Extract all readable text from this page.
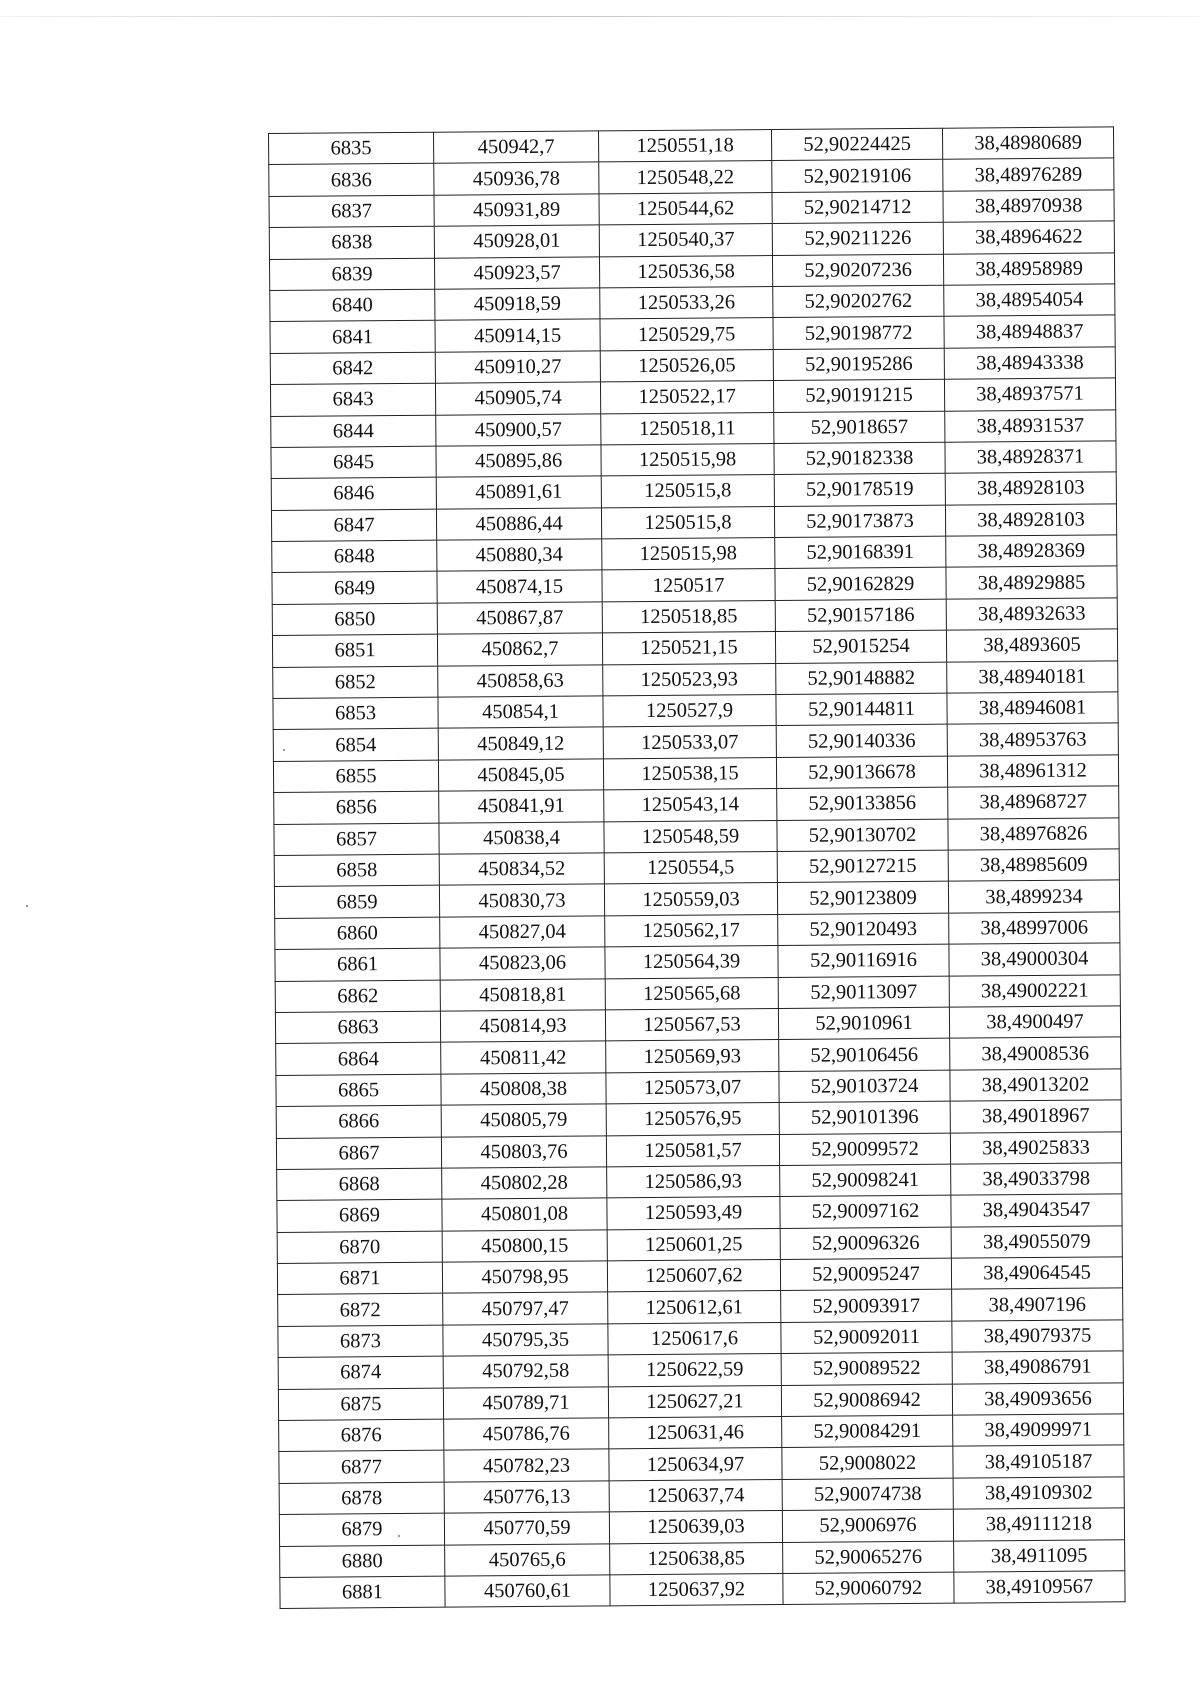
6835	450942,7	1250551,18	52,90224425	38,48980689
6836	450936,78	1250548,22	52,90219106	38,48976289
6837	450931,89	1250544,62	52,90214712	38,48970938
6838	450928,01	1250540,37	52,90211226	38,48964622
6839	450923,57	1250536,58	52,90207236	38,48958989
6840	450918,59	1250533,26	52,90202762	38,48954054
6841	450914,15	1250529,75	52,90198772	38,48948837
6842	450910,27	1250526,05	52,90195286	38,48943338
6843	450905,74	1250522,17	52,90191215	38,48937571
6844	450900,57	1250518,11	52,9018657	38,48931537
6845	450895,86	1250515,98	52,90182338	38,48928371
6846	450891,61	1250515,8	52,90178519	38,48928103
6847	450886,44	1250515,8	52,90173873	38,48928103
6848	450880,34	1250515,98	52,90168391	38,48928369
6849	450874,15	1250517	52,90162829	38,48929885
6850	450867,87	1250518,85	52,90157186	38,48932633
6851	450862,7	1250521,15	52,9015254	38,4893605
6852	450858,63	1250523,93	52,90148882	38,48940181
6853	450854,1	1250527,9	52,90144811	38,48946081
6854	450849,12	1250533,07	52,90140336	38,48953763
6855	450845,05	1250538,15	52,90136678	38,48961312
6856	450841,91	1250543,14	52,90133856	38,48968727
6857	450838,4	1250548,59	52,90130702	38,48976826
6858	450834,52	1250554,5	52,90127215	38,48985609
6859	450830,73	1250559,03	52,90123809	38,4899234
6860	450827,04	1250562,17	52,90120493	38,48997006
6861	450823,06	1250564,39	52,90116916	38,49000304
6862	450818,81	1250565,68	52,90113097	38,49002221
6863	450814,93	1250567,53	52,9010961	38,4900497
6864	450811,42	1250569,93	52,90106456	38,49008536
6865	450808,38	1250573,07	52,90103724	38,49013202
6866	450805,79	1250576,95	52,90101396	38,49018967
6867	450803,76	1250581,57	52,90099572	38,49025833
6868	450802,28	1250586,93	52,90098241	38,49033798
6869	450801,08	1250593,49	52,90097162	38,49043547
6870	450800,15	1250601,25	52,90096326	38,49055079
6871	450798,95	1250607,62	52,90095247	38,49064545
6872	450797,47	1250612,61	52,90093917	38,4907196
6873	450795,35	1250617,6	52,90092011	38,49079375
6874	450792,58	1250622,59	52,90089522	38,49086791
6875	450789,71	1250627,21	52,90086942	38,49093656
6876	450786,76	1250631,46	52,90084291	38,49099971
6877	450782,23	1250634,97	52,9008022	38,49105187
6878	450776,13	1250637,74	52,90074738	38,49109302
6879	450770,59	1250639,03	52,9006976	38,49111218
6880	450765,6	1250638,85	52,90065276	38,4911095
6881	450760,61	1250637,92	52,90060792	38,49109567
